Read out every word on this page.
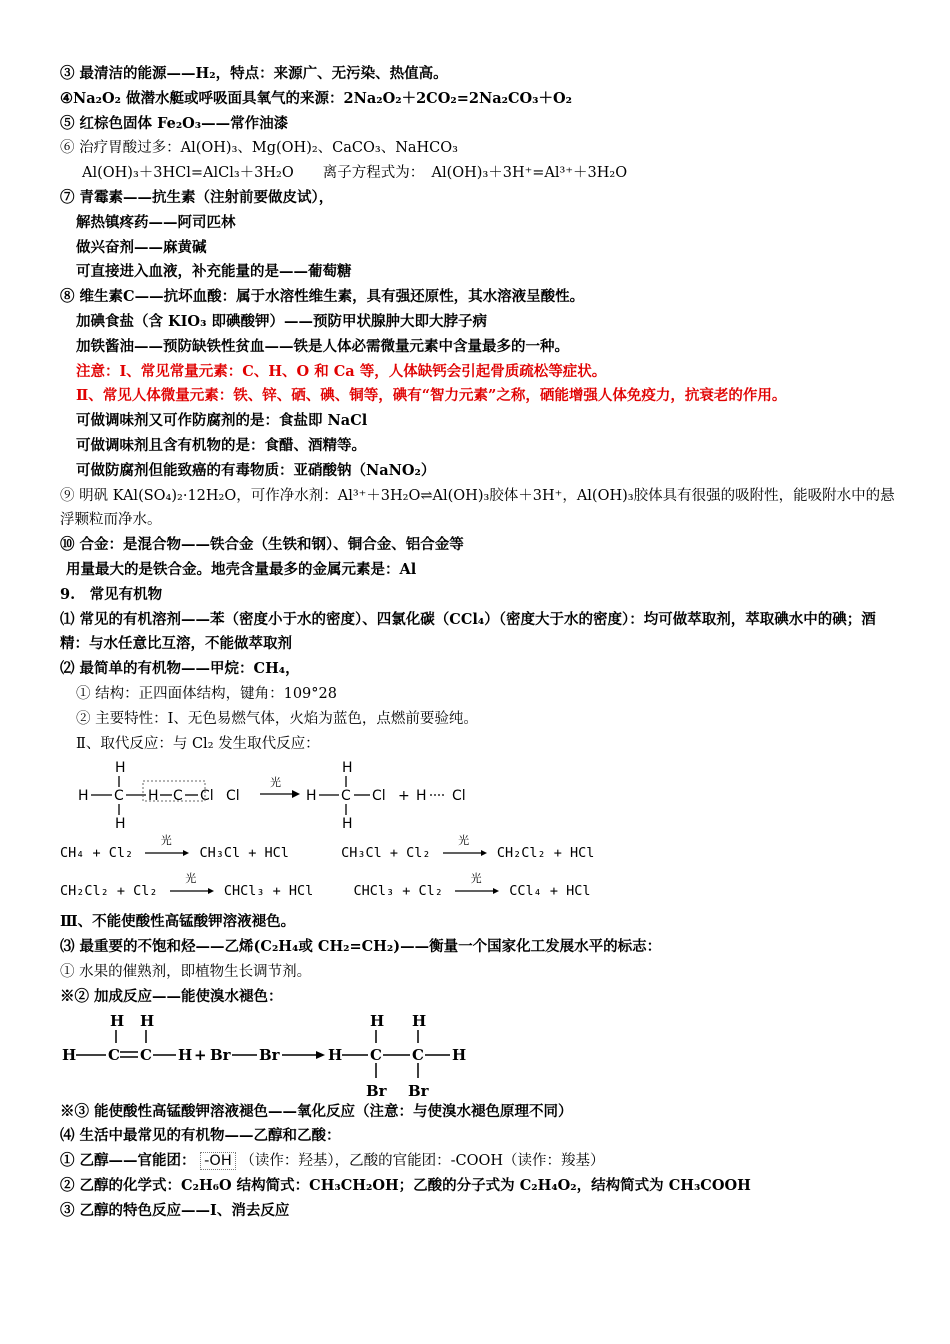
③ 最清洁的能源——H₂，特点：来源广、无污染、热值高。
④Na₂O₂ 做潜水艇或呼吸面具氧气的来源：2Na₂O₂＋2CO₂=2Na₂CO₃＋O₂
⑤ 红棕色固体 Fe₂O₃——常作油漆
⑥ 治疗胃酸过多：Al(OH)₃、Mg(OH)₂、CaCO₃、NaHCO₃
Al(OH)₃＋3HCl=AlCl₃＋3H₂O　　离子方程式为：　Al(OH)₃＋3H⁺=Al³⁺＋3H₂O
⑦ 青霉素——抗生素（注射前要做皮试），
解热镇疼药——阿司匹林
做兴奋剂——麻黄碱
可直接进入血液，补充能量的是——葡萄糖
⑧ 维生素C——抗坏血酸：属于水溶性维生素，具有强还原性，其水溶液呈酸性。
加碘食盐（含 KIO₃ 即碘酸钾）——预防甲状腺肿大即大脖子病
加铁酱油——预防缺铁性贫血——铁是人体必需微量元素中含量最多的一种。
注意：Ⅰ、常见常量元素：C、H、O 和 Ca 等，人体缺钙会引起骨质疏松等症状。
Ⅱ、常见人体微量元素：铁、锌、硒、碘、铜等，碘有“智力元素”之称，硒能增强人体免疫力，抗衰老的作用。
可做调味剂又可作防腐剂的是：食盐即 NaCl
可做调味剂且含有机物的是：食醋、酒精等。
可做防腐剂但能致癌的有毒物质：亚硝酸钠（NaNO₂）
⑨ 明矾 KAl(SO₄)₂·12H₂O，可作净水剂：Al³⁺＋3H₂O⇌Al(OH)₃胶体＋3H⁺，Al(OH)₃胶体具有很强的吸附性，能吸附水中的悬浮颗粒而净水。
⑩ 合金：是混合物——铁合金（生铁和钢）、铜合金、铝合金等
用量最大的是铁合金。地壳含量最多的金属元素是：Al
9.　常见有机物
⑴ 常见的有机溶剂——苯（密度小于水的密度）、四氯化碳（CCl₄）（密度大于水的密度）：均可做萃取剂，萃取碘水中的碘；酒精：与水任意比互溶，不能做萃取剂
⑵ 最简单的有机物——甲烷：CH₄，
① 结构：正四面体结构，键角：109°28
② 主要特性：Ⅰ、无色易燃气体，火焰为蓝色，点燃前要验纯。
Ⅱ、取代反应：与 Cl₂ 发生取代反应：
H
H C
H
H	Cl Cl
光
H
H C
H
Cl + H Cl
C
CH₄ + Cl₂
光
CH₃Cl + HCl	CH₃Cl + Cl₂
光
CH₂Cl₂ + HCl
CH₂Cl₂ + Cl₂
光
CHCl₃ + HCl	CHCl₃ + Cl₂
光
CCl₄ + HCl
Ⅲ、不能使酸性高锰酸钾溶液褪色。
⑶ 最重要的不饱和烃——乙烯(C₂H₄或 CH₂=CH₂)——衡量一个国家化工发展水平的标志：
① 水果的催熟剂，即植物生长调节剂。
※② 加成反应——能使溴水褪色：
H H
H C C H + Br Br	H
H H
C C H
Br Br
※③ 能使酸性高锰酸钾溶液褪色——氧化反应（注意：与使溴水褪色原理不同）
⑷ 生活中最常见的有机物——乙醇和乙酸：
① 乙醇——官能团： -OH （读作：羟基），乙酸的官能团：-COOH（读作：羧基）
② 乙醇的化学式：C₂H₆O 结构简式：CH₃CH₂OH；乙酸的分子式为 C₂H₄O₂，结构简式为 CH₃COOH
③ 乙醇的特色反应——Ⅰ、消去反应
